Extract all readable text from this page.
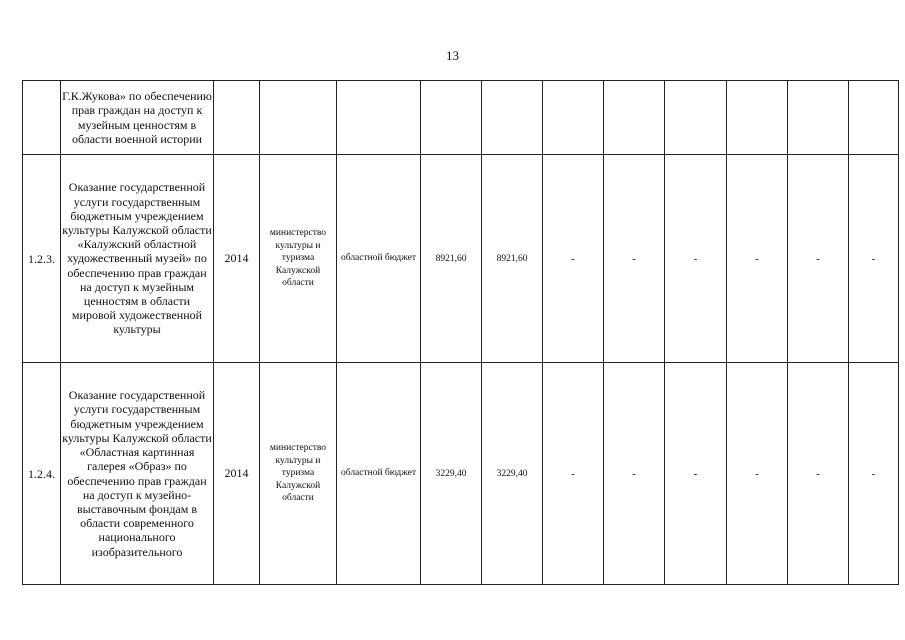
13
	Г.К.Жукова» по обеспечению прав граждан на доступ к музейным ценностям в области военной истории											
1.2.3.	Оказание государственной услуги государственным бюджетным учреждением культуры Калужской области «Калужский областной художественный музей» по обеспечению прав граждан на доступ к музейным ценностям в области мировой художественной культуры	2014	министерство культуры и туризма Калужской области	областной бюджет	8921,60	8921,60	-	-	-	-	-	-
1.2.4.	Оказание государственной услуги государственным бюджетным учреждением культуры Калужской области «Областная картинная галерея «Образ» по обеспечению прав граждан на доступ к музейно-выставочным фондам в области современного национального изобразительного	2014	министерство культуры и туризма Калужской области	областной бюджет	3229,40	3229,40	-	-	-	-	-	-
